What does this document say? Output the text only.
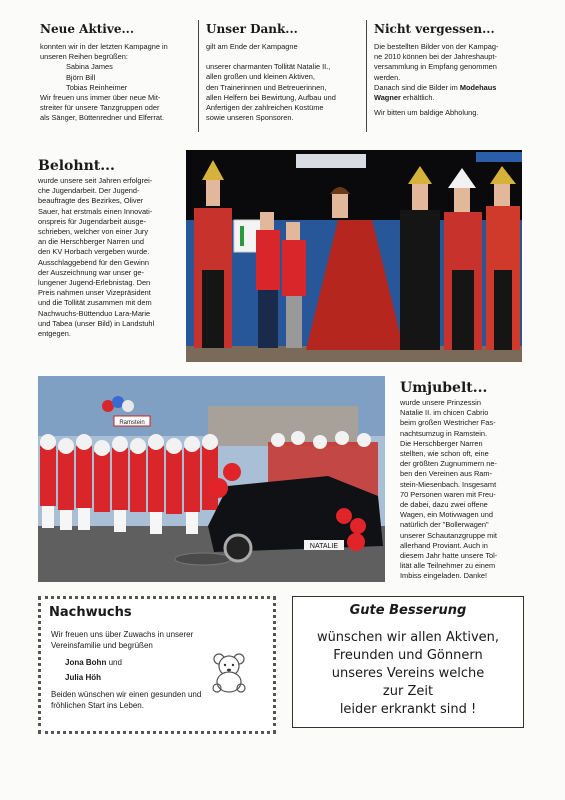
Neue Aktive...
konnten wir in der letzten Kampagne in
unseren Reihen begrüßen:
Sabina James
Björn Bill
Tobias Reinheimer
Wir freuen uns immer über neue Mit-
streiter für unsere Tanzgruppen oder
als Sänger, Büttenredner und Elferrat.
Unser Dank...
gilt am Ende der Kampagne
unserer charmanten Tollität Natalie II.,
allen großen und kleinen Aktiven,
den Trainerinnen und Betreuerinnen,
allen Helfern bei Bewirtung, Aufbau und
Anfertigen der zahlreichen Kostüme
sowie unseren Sponsoren.
Nicht vergessen...
Die bestellten Bilder von der Kampag-
ne 2010 können bei der Jahreshaupt-
versammlung in Empfang genommen
werden.
Danach sind die Bilder im Modehaus
Wagner erhältlich.
Wir bitten um baldige Abholung.
Belohnt...
wurde unsere seit Jahren erfolgrei-
che Jugendarbeit. Der Jugend-
beauftragte des Bezirkes, Oliver
Sauer, hat erstmals einen Innovati-
onspreis für Jugendarbeit ausge-
schrieben, welcher von einer Jury
an die Herschberger Narren und
den KV Horbach vergeben wurde.
Ausschlaggebend für den Gewinn
der Auszeichnung war unser ge-
lungener Jugend-Erlebnistag. Den
Preis nahmen unser Vizepräsident
und die Tollität zusammen mit dem
Nachwuchs-Büttenduo Lara-Marie
und Tabea (unser Bild) in Landstuhl
entgegen.
Ramstein
NATALIE
Umjubelt...
wurde unsere Prinzessin
Natalie II. im chicen Cabrio
beim großen Westricher Fas-
nachtsumzug in Ramstein.
Die Herschberger Narren
stellten, wie schon oft, eine
der größten Zugnummern ne-
ben den Vereinen aus Ram-
stein-Miesenbach. Insgesamt
70 Personen waren mit Freu-
de dabei, dazu zwei offene
Wagen, ein Motivwagen und
natürlich der "Bollerwagen"
unserer Schautanzgruppe mit
allerhand Proviant. Auch in
diesem Jahr hatte unsere Tol-
lität alle Teilnehmer zu einem
Imbiss eingeladen. Danke!
Nachwuchs
Wir freuen uns über Zuwachs in unserer
Vereinsfamilie und begrüßen
Jona Bohn und
Julia Höh
Beiden wünschen wir einen gesunden und
fröhlichen Start ins Leben.
Gute Besserung
wünschen wir allen Aktiven,
Freunden und Gönnern
unseres Vereins welche
zur Zeit
leider erkrankt sind !
